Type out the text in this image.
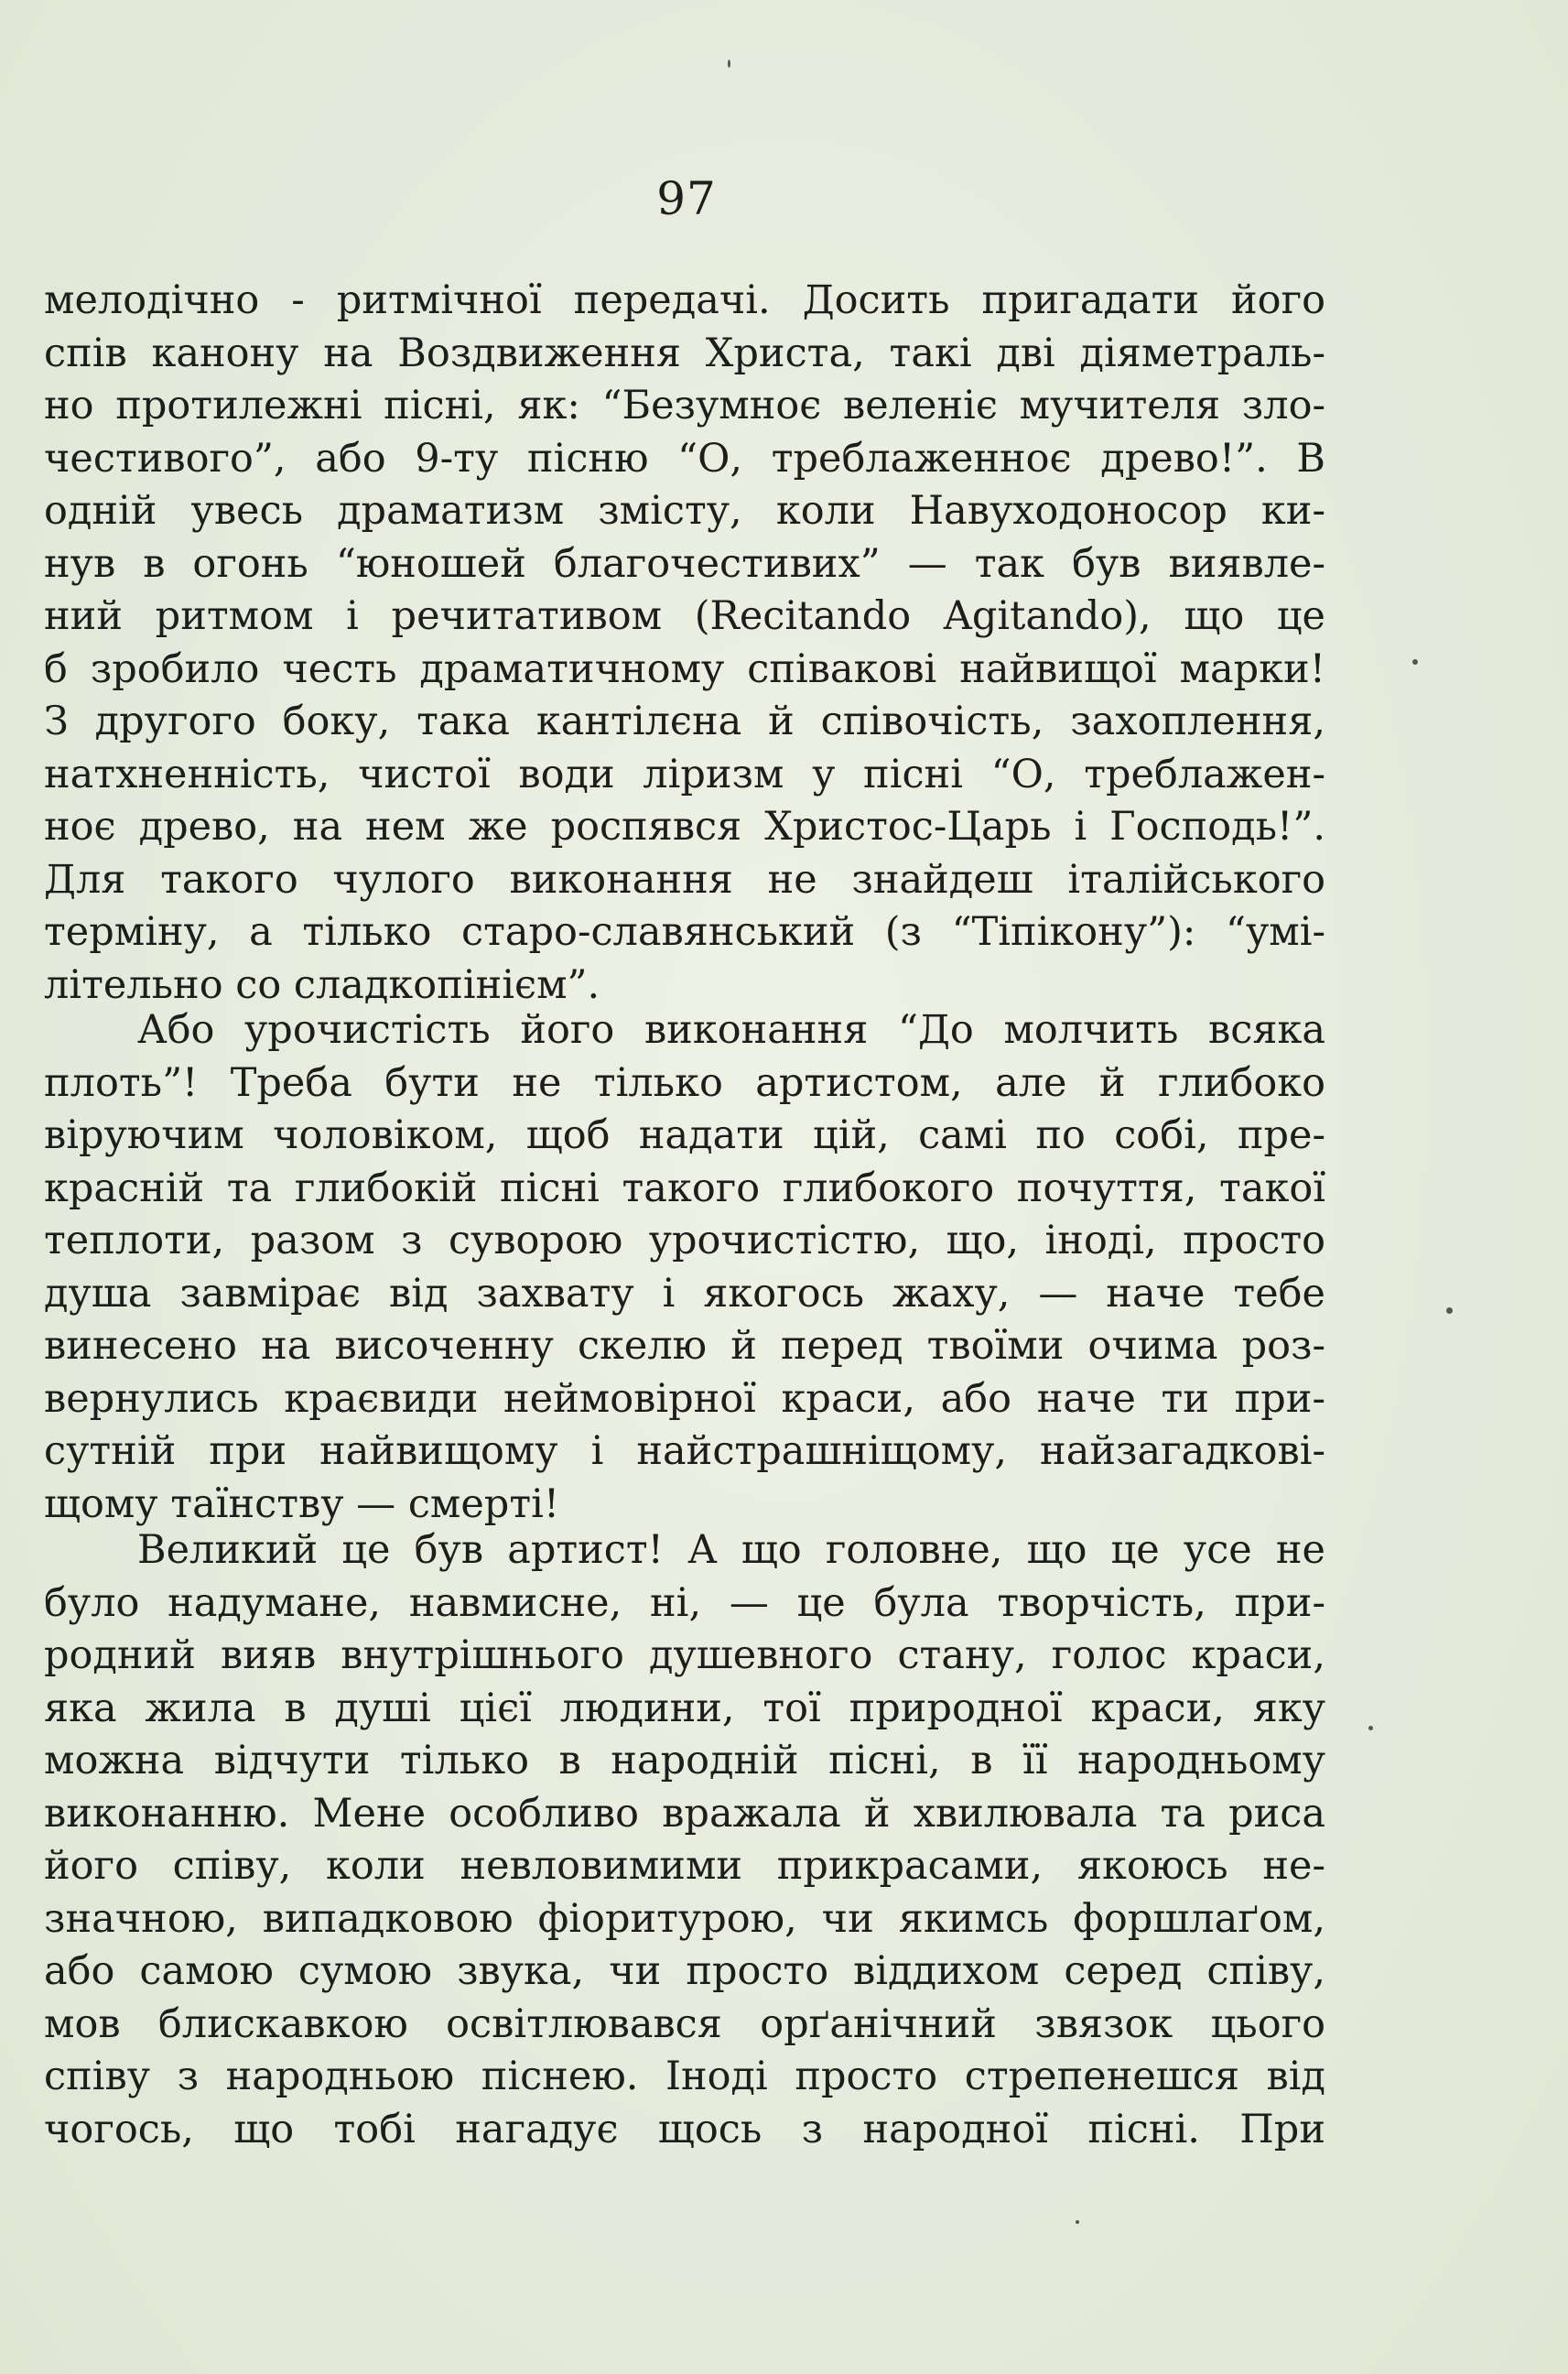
97
мелодічно - ритмічної передачі. Досить пригадати його
спів канону на Воздвиження Христа, такі дві діяметраль-
но протилежні пісні, як: “Безумноє веленіє мучителя зло-
честивого”, або 9-ту пісню “О, треблаженноє древо!”. В
одній увесь драматизм змісту, коли Навуходоносор ки-
нув в огонь “юношей благочестивих” — так був виявле-
ний ритмом і речитативом (Recitando Agitando), що це
б зробило честь драматичному співакові найвищої марки!
З другого боку, така кантілєна й співочість, захоплення,
натхненність, чистої води ліризм у пісні “О, треблажен-
ноє древо, на нем же роспявся Христос-Царь і Господь!”.
Для такого чулого виконання не знайдеш італійського
терміну, а тілько старо-славянський (з “Тіпікону”): “умі-
літельно со сладкопінієм”.
Або урочистість його виконання “До молчить всяка
плоть”! Треба бути не тілько артистом, але й глибоко
віруючим чоловіком, щоб надати цій, самі по собі, пре-
красній та глибокій пісні такого глибокого почуття, такої
теплоти, разом з суворою урочистістю, що, іноді, просто
душа завмірає від захвату і якогось жаху, — наче тебе
винесено на височенну скелю й перед твоїми очима роз-
вернулись краєвиди неймовірної краси, або наче ти при-
сутній при найвищому і найстрашніщому, найзагадкові-
щому таїнству — смерті!
Великий це був артист! А що головне, що це усе не
було надумане, навмисне, ні, — це була творчість, при-
родний вияв внутрішнього душевного стану, голос краси,
яка жила в душі цієї людини, тої природної краси, яку
можна відчути тілько в народній пісні, в її народньому
виконанню. Мене особливо вражала й хвилювала та риса
його співу, коли невловимими прикрасами, якоюсь не-
значною, випадковою фіоритурою, чи якимсь форшлаґом,
або самою сумою звука, чи просто віддихом серед співу,
мов блискавкою освітлювався орґанічний звязок цього
співу з народньою піснею. Іноді просто стрепенешся від
чогось, що тобі нагадує щось з народної пісні. При
